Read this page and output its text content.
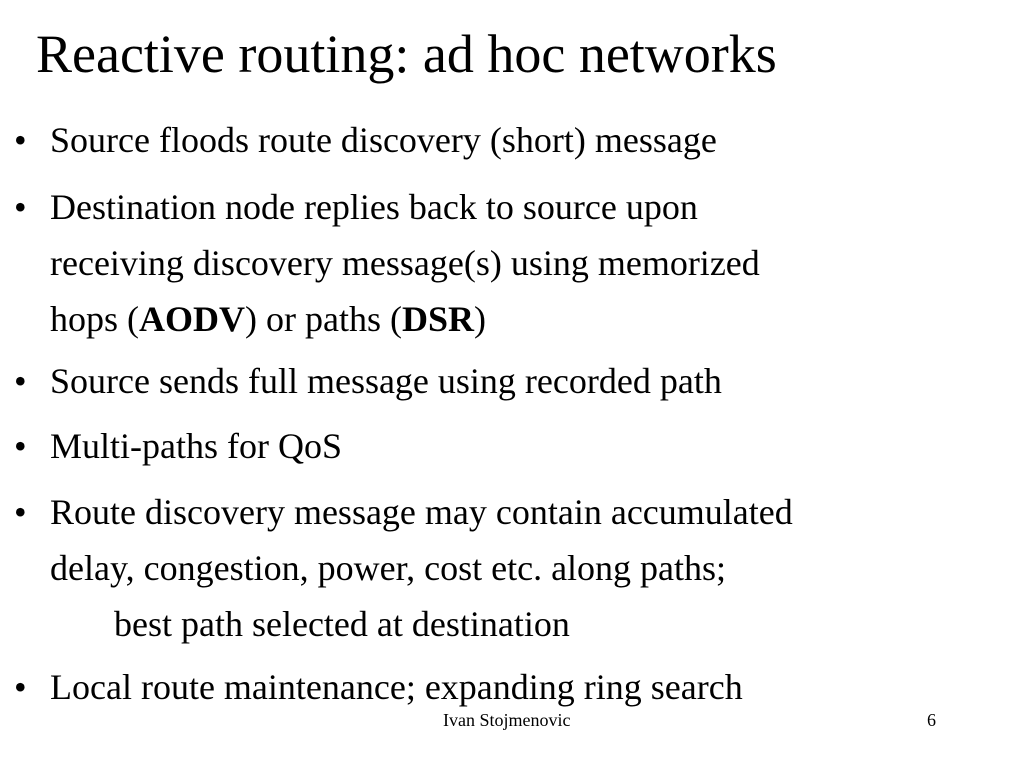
Reactive routing: ad hoc networks
• Source floods route discovery (short) message
• Destination node replies back to source upon
receiving discovery message(s) using memorized
hops (AODV) or paths (DSR)
• Source sends full message using recorded path
• Multi-paths for QoS
• Route discovery message may contain accumulated
delay, congestion, power, cost etc. along paths;
best path selected at destination
• Local route maintenance; expanding ring search
Ivan Stojmenovic	6
